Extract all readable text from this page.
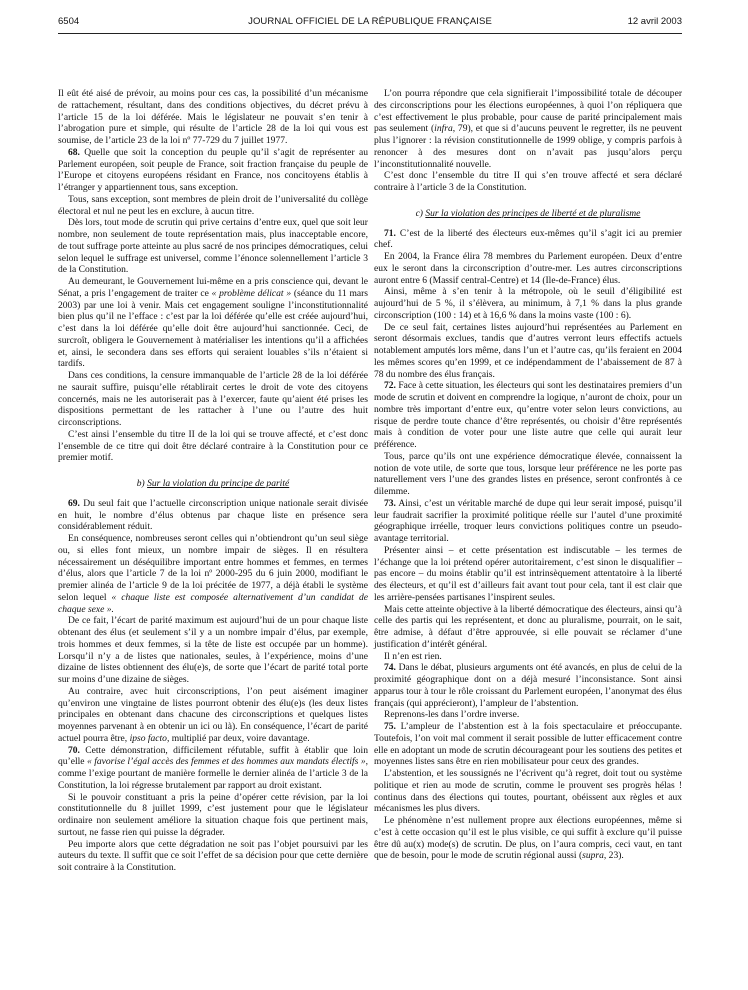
6504	JOURNAL OFFICIEL DE LA RÉPUBLIQUE FRANÇAISE	12 avril 2003

Il eût été aisé de prévoir, au moins pour ces cas, la possibilité d’un mécanisme de rattachement, résultant, dans des conditions objectives, du décret prévu à l’article 15 de la loi déférée. Mais le législateur ne pouvait s’en tenir à l’abrogation pure et simple, qui résulte de l’article 28 de la loi qui vous est soumise, de l’article 23 de la loi nº 77-729 du 7 juillet 1977.

68. Quelle que soit la conception du peuple qu’il s’agit de représenter au Parlement européen, soit peuple de France, soit fraction française du peuple de l’Europe et citoyens européens résidant en France, nos concitoyens établis à l’étranger y appartiennent tous, sans exception.

Tous, sans exception, sont membres de plein droit de l’universalité du collège électoral et nul ne peut les en exclure, à aucun titre.

Dès lors, tout mode de scrutin qui prive certains d’entre eux, quel que soit leur nombre, non seulement de toute représentation mais, plus inacceptable encore, de tout suffrage porte atteinte au plus sacré de nos principes démocratiques, celui selon lequel le suffrage est universel, comme l’énonce solennellement l’article 3 de la Constitution.

Au demeurant, le Gouvernement lui-même en a pris conscience qui, devant le Sénat, a pris l’engagement de traiter ce « problème délicat » (séance du 11 mars 2003) par une loi à venir. Mais cet engagement souligne l’inconstitutionnalité bien plus qu’il ne l’efface : c’est par la loi déférée qu’elle est créée aujourd’hui, c’est dans la loi déférée qu’elle doit être aujourd’hui sanctionnée. Ceci, de surcroît, obligera le Gouvernement à matérialiser les intentions qu’il a affichées et, ainsi, le secondera dans ses efforts qui seraient louables s’ils n’étaient si tardifs.

Dans ces conditions, la censure immanquable de l’article 28 de la loi déférée ne saurait suffire, puisqu’elle rétablirait certes le droit de vote des citoyens concernés, mais ne les autoriserait pas à l’exercer, faute qu’aient été prises les dispositions permettant de les rattacher à l’une ou l’autre des huit circonscriptions.

C’est ainsi l’ensemble du titre II de la loi qui se trouve affecté, et c’est donc l’ensemble de ce titre qui doit être déclaré contraire à la Constitution pour ce premier motif.

b) Sur la violation du principe de parité

69. Du seul fait que l’actuelle circonscription unique nationale serait divisée en huit, le nombre d’élus obtenus par chaque liste en présence sera considérablement réduit.

En conséquence, nombreuses seront celles qui n’obtiendront qu’un seul siège ou, si elles font mieux, un nombre impair de sièges. Il en résultera nécessairement un déséquilibre important entre hommes et femmes, en termes d’élus, alors que l’article 7 de la loi nº 2000-295 du 6 juin 2000, modifiant le premier alinéa de l’article 9 de la loi précitée de 1977, a déjà établi le système selon lequel « chaque liste est composée alternativement d’un candidat de chaque sexe ».

De ce fait, l’écart de parité maximum est aujourd’hui de un pour chaque liste obtenant des élus (et seulement s’il y a un nombre impair d’élus, par exemple, trois hommes et deux femmes, si la tête de liste est occupée par un homme). Lorsqu’il n’y a de listes que nationales, seules, à l’expérience, moins d’une dizaine de listes obtiennent des élu(e)s, de sorte que l’écart de parité total porte sur moins d’une dizaine de sièges.

Au contraire, avec huit circonscriptions, l’on peut aisément imaginer qu’environ une vingtaine de listes pourront obtenir des élu(e)s (les deux listes principales en obtenant dans chacune des circonscriptions et quelques listes moyennes parvenant à en obtenir un ici ou là). En conséquence, l’écart de parité actuel pourra être, ipso facto, multiplié par deux, voire davantage.

70. Cette démonstration, difficilement réfutable, suffit à établir que loin qu’elle « favorise l’égal accès des femmes et des hommes aux mandats électifs », comme l’exige pourtant de manière formelle le dernier alinéa de l’article 3 de la Constitution, la loi régresse brutalement par rapport au droit existant.

Si le pouvoir constituant a pris la peine d’opérer cette révision, par la loi constitutionnelle du 8 juillet 1999, c’est justement pour que le législateur ordinaire non seulement améliore la situation chaque fois que pertinent mais, surtout, ne fasse rien qui puisse la dégrader.

Peu importe alors que cette dégradation ne soit pas l’objet poursuivi par les auteurs du texte. Il suffit que ce soit l’effet de sa décision pour que cette dernière soit contraire à la Constitution.

L’on pourra répondre que cela signifierait l’impossibilité totale de découper des circonscriptions pour les élections européennes, à quoi l’on répliquera que c’est effectivement le plus probable, pour cause de parité principalement mais pas seulement (infra, 79), et que si d’aucuns peuvent le regretter, ils ne peuvent plus l’ignorer : la révision constitutionnelle de 1999 oblige, y compris parfois à renoncer à des mesures dont on n’avait pas jusqu’alors perçu l’inconstitutionnalité nouvelle.

C’est donc l’ensemble du titre II qui s’en trouve affecté et sera déclaré contraire à l’article 3 de la Constitution.

c) Sur la violation des principes de liberté et de pluralisme

71. C’est de la liberté des électeurs eux-mêmes qu’il s’agit ici au premier chef.

En 2004, la France élira 78 membres du Parlement européen. Deux d’entre eux le seront dans la circonscription d’outre-mer. Les autres circonscriptions auront entre 6 (Massif central-Centre) et 14 (Ile-de-France) élus.

Ainsi, même à s’en tenir à la métropole, où le seuil d’éligibilité est aujourd’hui de 5 %, il s’élèvera, au minimum, à 7,1 % dans la plus grande circonscription (100 : 14) et à 16,6 % dans la moins vaste (100 : 6).

De ce seul fait, certaines listes aujourd’hui représentées au Parlement en seront désormais exclues, tandis que d’autres verront leurs effectifs actuels notablement amputés lors même, dans l’un et l’autre cas, qu’ils feraient en 2004 les mêmes scores qu’en 1999, et ce indépendamment de l’abaissement de 87 à 78 du nombre des élus français.

72. Face à cette situation, les électeurs qui sont les destinataires premiers d’un mode de scrutin et doivent en comprendre la logique, n’auront de choix, pour un nombre très important d’entre eux, qu’entre voter selon leurs convictions, au risque de perdre toute chance d’être représentés, ou choisir d’être représentés mais à condition de voter pour une liste autre que celle qui aurait leur préférence.

Tous, parce qu’ils ont une expérience démocratique élevée, connaissent la notion de vote utile, de sorte que tous, lorsque leur préférence ne les porte pas naturellement vers l’une des grandes listes en présence, seront confrontés à ce dilemme.

73. Ainsi, c’est un véritable marché de dupe qui leur serait imposé, puisqu’il leur faudrait sacrifier la proximité politique réelle sur l’autel d’une proximité géographique irréelle, troquer leurs convictions politiques contre un pseudo-avantage territorial.

Présenter ainsi – et cette présentation est indiscutable – les termes de l’échange que la loi prétend opérer autoritairement, c’est sinon le disqualifier – pas encore – du moins établir qu’il est intrinsèquement attentatoire à la liberté des électeurs, et qu’il est d’ailleurs fait avant tout pour cela, tant il est clair que les arrière-pensées partisanes l’inspirent seules.

Mais cette atteinte objective à la liberté démocratique des électeurs, ainsi qu’à celle des partis qui les représentent, et donc au pluralisme, pourrait, on le sait, être admise, à défaut d’être approuvée, si elle pouvait se réclamer d’une justification d’intérêt général.

Il n’en est rien.

74. Dans le débat, plusieurs arguments ont été avancés, en plus de celui de la proximité géographique dont on a déjà mesuré l’inconsistance. Sont ainsi apparus tour à tour le rôle croissant du Parlement européen, l’anonymat des élus français (qui apprécieront), l’ampleur de l’abstention.

Reprenons-les dans l’ordre inverse.

75. L’ampleur de l’abstention est à la fois spectaculaire et préoccupante. Toutefois, l’on voit mal comment il serait possible de lutter efficacement contre elle en adoptant un mode de scrutin décourageant pour les soutiens des petites et moyennes listes sans être en rien mobilisateur pour ceux des grandes.

L’abstention, et les soussignés ne l’écrivent qu’à regret, doit tout ou système politique et rien au mode de scrutin, comme le prouvent ses progrès hélas ! continus dans des élections qui toutes, pourtant, obéissent aux règles et aux mécanismes les plus divers.

Le phénomène n’est nullement propre aux élections européennes, même si c’est à cette occasion qu’il est le plus visible, ce qui suffit à exclure qu’il puisse être dû au(x) mode(s) de scrutin. De plus, on l’aura compris, ceci vaut, en tant que de besoin, pour le mode de scrutin régional aussi (supra, 23).
